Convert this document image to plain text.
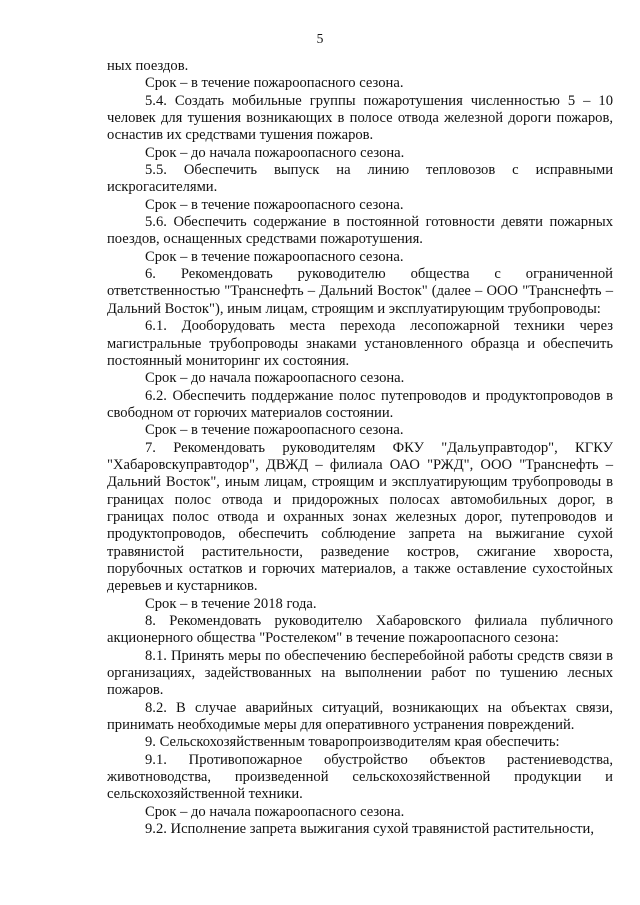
5

ных поездов.

Срок – в течение пожароопасного сезона.

5.4. Создать мобильные группы пожаротушения численностью 5 – 10 человек для тушения возникающих в полосе отвода железной дороги пожаров, оснастив их средствами тушения пожаров.

Срок – до начала пожароопасного сезона.

5.5. Обеспечить выпуск на линию тепловозов с исправными искрогасителями.

Срок – в течение пожароопасного сезона.

5.6. Обеспечить содержание в постоянной готовности девяти пожарных поездов, оснащенных средствами пожаротушения.

Срок – в течение пожароопасного сезона.

6. Рекомендовать руководителю общества с ограниченной ответственностью "Транснефть – Дальний Восток" (далее – ООО "Транснефть – Дальний Восток"), иным лицам, строящим и эксплуатирующим трубопроводы:

6.1. Дооборудовать места перехода лесопожарной техники через магистральные трубопроводы знаками установленного образца и обеспечить постоянный мониторинг их состояния.

Срок – до начала пожароопасного сезона.

6.2. Обеспечить поддержание полос путепроводов и продуктопроводов в свободном от горючих материалов состоянии.

Срок – в течение пожароопасного сезона.

7. Рекомендовать руководителям ФКУ "Дальуправтодор", КГКУ "Хабаровскуправтодор", ДВЖД – филиала ОАО "РЖД", ООО "Транснефть – Дальний Восток", иным лицам, строящим и эксплуатирующим трубопроводы в границах полос отвода и придорожных полосах автомобильных дорог, в границах полос отвода и охранных зонах железных дорог, путепроводов и продуктопроводов, обеспечить соблюдение запрета на выжигание сухой травянистой растительности, разведение костров, сжигание хвороста, порубочных остатков и горючих материалов, а также оставление сухостойных деревьев и кустарников.

Срок – в течение 2018 года.

8. Рекомендовать руководителю Хабаровского филиала публичного акционерного общества "Ростелеком" в течение пожароопасного сезона:

8.1. Принять меры по обеспечению бесперебойной работы средств связи в организациях, задействованных на выполнении работ по тушению лесных пожаров.

8.2. В случае аварийных ситуаций, возникающих на объектах связи, принимать необходимые меры для оперативного устранения повреждений.

9. Сельскохозяйственным товаропроизводителям края обеспечить:

9.1. Противопожарное обустройство объектов растениеводства, животноводства, произведенной сельскохозяйственной продукции и сельскохозяйственной техники.

Срок – до начала пожароопасного сезона.

9.2. Исполнение запрета выжигания сухой травянистой растительности,
